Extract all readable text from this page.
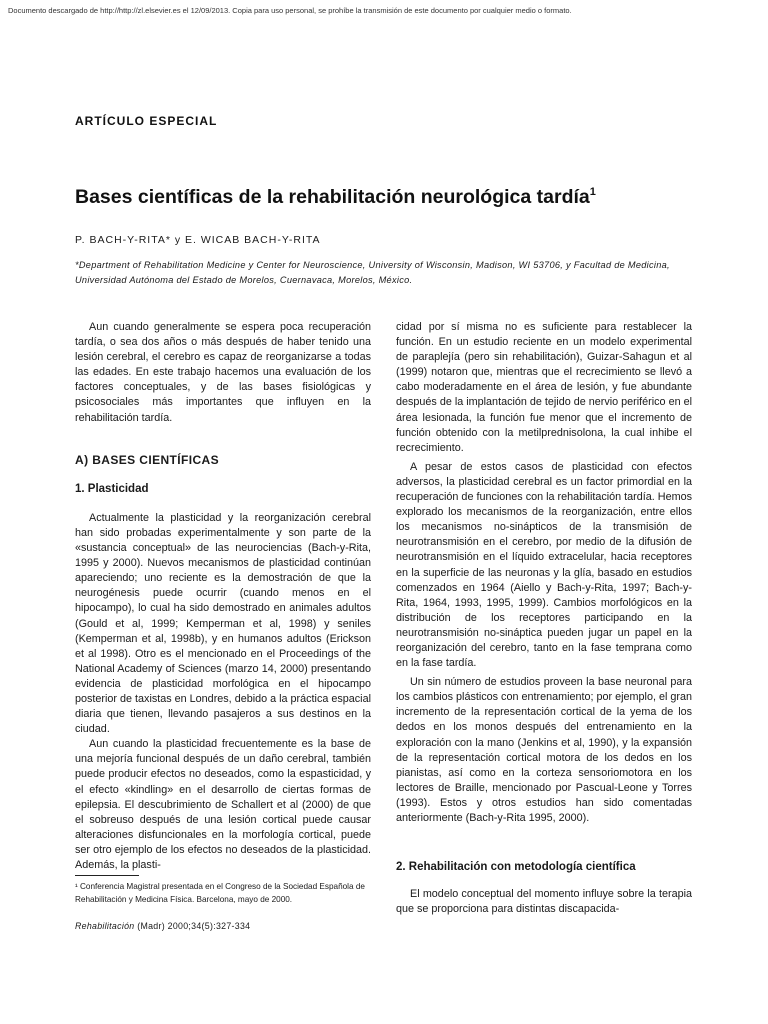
Documento descargado de http://http://zl.elsevier.es el 12/09/2013. Copia para uso personal, se prohíbe la transmisión de este documento por cualquier medio o formato.
ARTÍCULO ESPECIAL
Bases científicas de la rehabilitación neurológica tardía$^1$
P. BACH-Y-RITA* y E. WICAB BACH-Y-RITA
*Department of Rehabilitation Medicine y Center for Neuroscience, University of Wisconsin, Madison, WI 53706, y Facultad de Medicina, Universidad Autónoma del Estado de Morelos, Cuernavaca, Morelos, México.

Aun cuando generalmente se espera poca recuperación tardía, o sea dos años o más después de haber tenido una lesión cerebral, el cerebro es capaz de reorganizarse a todas las edades. En este trabajo hacemos una evaluación de los factores conceptuales, y de las bases fisiológicas y psicosociales más importantes que influyen en la rehabilitación tardía.

A) BASES CIENTÍFICAS
1. Plasticidad

Actualmente la plasticidad y la reorganización cerebral han sido probadas experimentalmente y son parte de la «sustancia conceptual» de las neurociencias (Bach-y-Rita, 1995 y 2000). Nuevos mecanismos de plasticidad continúan apareciendo; uno reciente es la demostración de que la neurogénesis puede ocurrir (cuando menos en el hipocampo), lo cual ha sido demostrado en animales adultos (Gould et al, 1999; Kemperman et al, 1998) y seniles (Kemperman et al, 1998b), y en humanos adultos (Erickson et al 1998). Otro es el mencionado en el Proceedings of the National Academy of Sciences (marzo 14, 2000) presentando evidencia de plasticidad morfológica en el hipocampo posterior de taxistas en Londres, debido a la práctica espacial diaria que tienen, llevando pasajeros a sus destinos en la ciudad.

Aun cuando la plasticidad frecuentemente es la base de una mejoría funcional después de un daño cerebral, también puede producir efectos no deseados, como la espasticidad, y el efecto «kindling» en el desarrollo de ciertas formas de epilepsia. El descubrimiento de Schallert et al (2000) de que el sobreuso después de una lesión cortical puede causar alteraciones disfuncionales en la morfología cortical, puede ser otro ejemplo de los efectos no deseados de la plasticidad. Además, la plasti-

cidad por sí misma no es suficiente para restablecer la función. En un estudio reciente en un modelo experimental de paraplejía (pero sin rehabilitación), Guizar-Sahagun et al (1999) notaron que, mientras que el recrecimiento se llevó a cabo moderadamente en el área de lesión, y fue abundante después de la implantación de tejido de nervio periférico en el área lesionada, la función fue menor que el incremento de función obtenido con la metilprednisolona, la cual inhibe el recrecimiento.

A pesar de estos casos de plasticidad con efectos adversos, la plasticidad cerebral es un factor primordial en la recuperación de funciones con la rehabilitación tardía. Hemos explorado los mecanismos de la reorganización, entre ellos los mecanismos no-sinápticos de la transmisión de neurotransmisión en el cerebro, por medio de la difusión de neurotransmisión en el líquido extracelular, hacia receptores en la superficie de las neuronas y la glía, basado en estudios comenzados en 1964 (Aiello y Bach-y-Rita, 1997; Bach-y-Rita, 1964, 1993, 1995, 1999). Cambios morfológicos en la distribución de los receptores participando en la neurotransmisión no-sináptica pueden jugar un papel en la reorganización del cerebro, tanto en la fase temprana como en la fase tardía.

Un sin número de estudios proveen la base neuronal para los cambios plásticos con entrenamiento; por ejemplo, el gran incremento de la representación cortical de la yema de los dedos en los monos después del entrenamiento en la exploración con la mano (Jenkins et al, 1990), y la expansión de la representación cortical motora de los dedos en los pianistas, así como en la corteza sensoriomotora en los lectores de Braille, mencionado por Pascual-Leone y Torres (1993). Estos y otros estudios han sido comentadas anteriormente (Bach-y-Rita 1995, 2000).

2. Rehabilitación con metodología científica

El modelo conceptual del momento influye sobre la terapia que se proporciona para distintas discapacida-

¹ Conferencia Magistral presentada en el Congreso de la Sociedad Española de Rehabilitación y Medicina Física. Barcelona, mayo de 2000.
Rehabilitación (Madr) 2000;34(5):327-334
